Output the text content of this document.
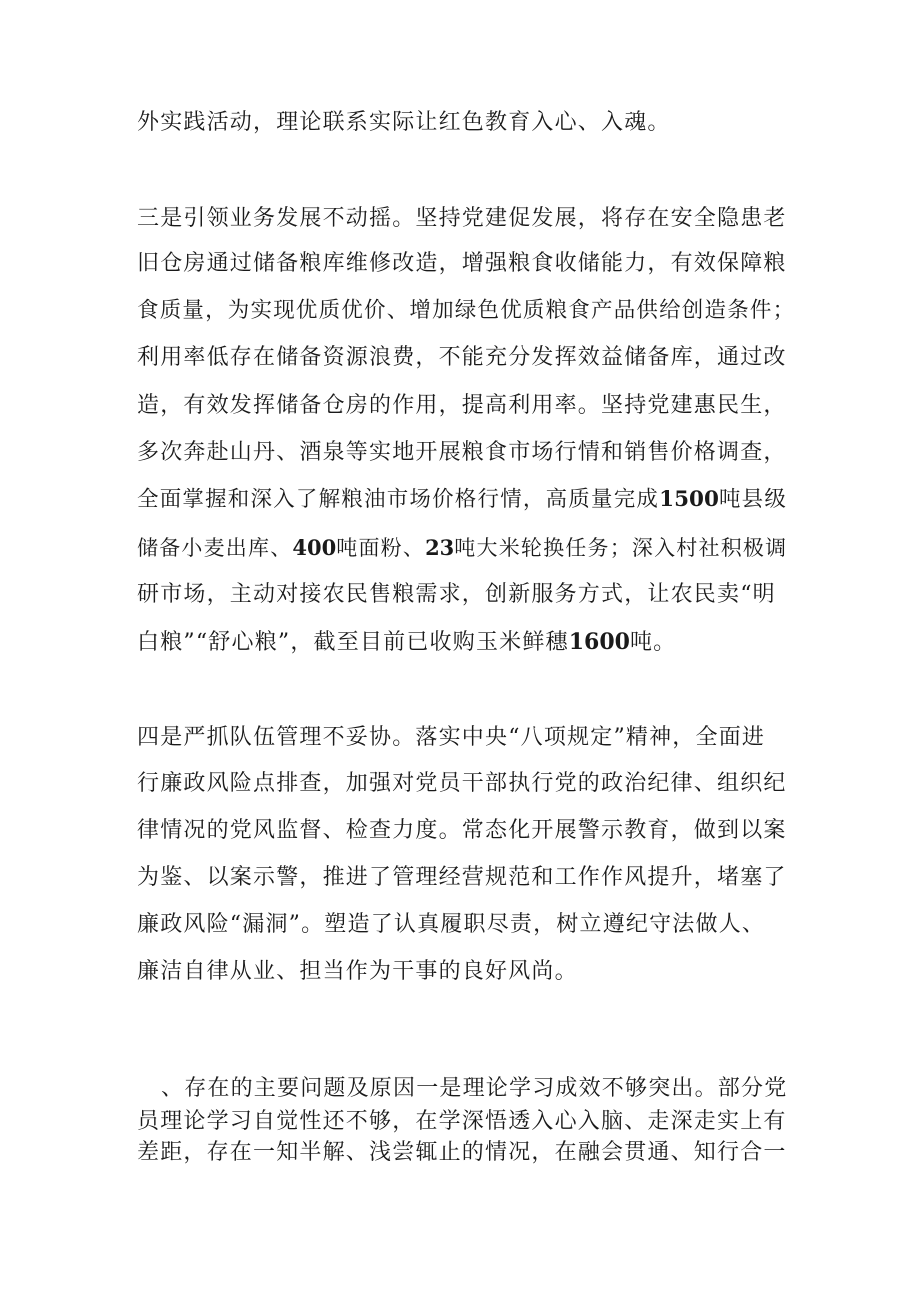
外实践活动，理论联系实际让红色教育入心、入魂。
三是引领业务发展不动摇。坚持党建促发展，将存在安全隐患老
旧仓房通过储备粮库维修改造，增强粮食收储能力，有效保障粮
食质量，为实现优质优价、增加绿色优质粮食产品供给创造条件；
利用率低存在储备资源浪费，不能充分发挥效益储备库，通过改
造，有效发挥储备仓房的作用，提高利用率。坚持党建惠民生，
多次奔赴山丹、酒泉等实地开展粮食市场行情和销售价格调查，
全面掌握和深入了解粮油市场价格行情，高质量完成1500吨县级
储备小麦出库、400吨面粉、23吨大米轮换任务；深入村社积极调
研市场，主动对接农民售粮需求，创新服务方式，让农民卖“明
白粮”“舒心粮”，截至目前已收购玉米鲜穗1600吨。
四是严抓队伍管理不妥协。落实中央“八项规定”精神，全面进
行廉政风险点排查，加强对党员干部执行党的政治纪律、组织纪
律情况的党风监督、检查力度。常态化开展警示教育，做到以案
为鉴、以案示警，推进了管理经营规范和工作作风提升，堵塞了
廉政风险“漏洞”。塑造了认真履职尽责，树立遵纪守法做人、
廉洁自律从业、担当作为干事的良好风尚。
、存在的主要问题及原因一是理论学习成效不够突出。部分党
员理论学习自觉性还不够，在学深悟透入心入脑、走深走实上有
差距，存在一知半解、浅尝辄止的情况，在融会贯通、知行合一
